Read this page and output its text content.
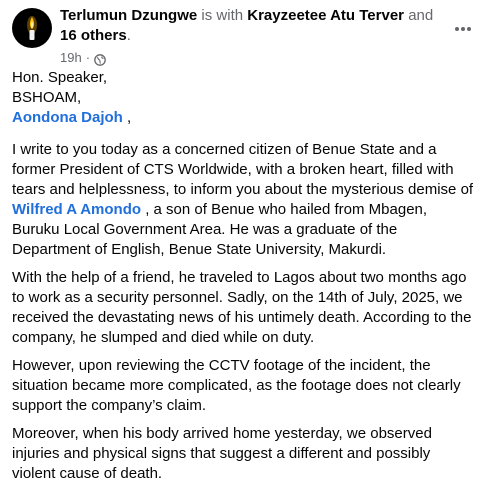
Terlumun Dzungwe is with Krayzeetee Atu Terver and
16 others.
19h ·
Hon. Speaker,
BSHOAM,
Aondona Dajoh ,

I write to you today as a concerned citizen of Benue State and a former President of CTS Worldwide, with a broken heart, filled with tears and helplessness, to inform you about the mysterious demise of Wilfred A Amondo , a son of Benue who hailed from Mbagen, Buruku Local Government Area. He was a graduate of the Department of English, Benue State University, Makurdi.

With the help of a friend, he traveled to Lagos about two months ago to work as a security personnel. Sadly, on the 14th of July, 2025, we received the devastating news of his untimely death. According to the company, he slumped and died while on duty.

However, upon reviewing the CCTV footage of the incident, the situation became more complicated, as the footage does not clearly support the company’s claim.

Moreover, when his body arrived home yesterday, we observed injuries and physical signs that suggest a different and possibly violent cause of death.
